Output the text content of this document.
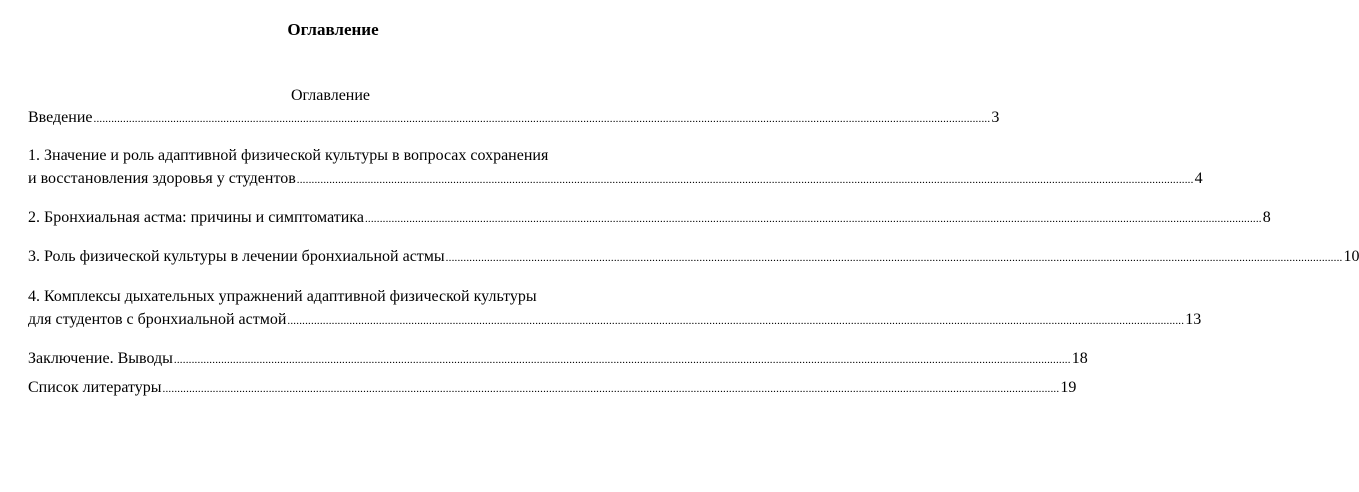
Оглавление
Оглавление
Введение ................................................................................................................................................................................................................................................................................................................ 3
1. Значение и роль адаптивной физической культуры в вопросах сохранения
и восстановления здоровья у студентов ................................................................................................................................................................................................................................................................................................................ 4
2. Бронхиальная астма: причины и симптоматика ................................................................................................................................................................................................................................................................................................................ 8
3. Роль физической культуры в лечении бронхиальной астмы ................................................................................................................................................................................................................................................................................................................ 10
4. Комплексы дыхательных упражнений адаптивной физической культуры
для студентов с бронхиальной астмой ................................................................................................................................................................................................................................................................................................................ 13
Заключение. Выводы ................................................................................................................................................................................................................................................................................................................ 18
Список литературы ................................................................................................................................................................................................................................................................................................................ 19
